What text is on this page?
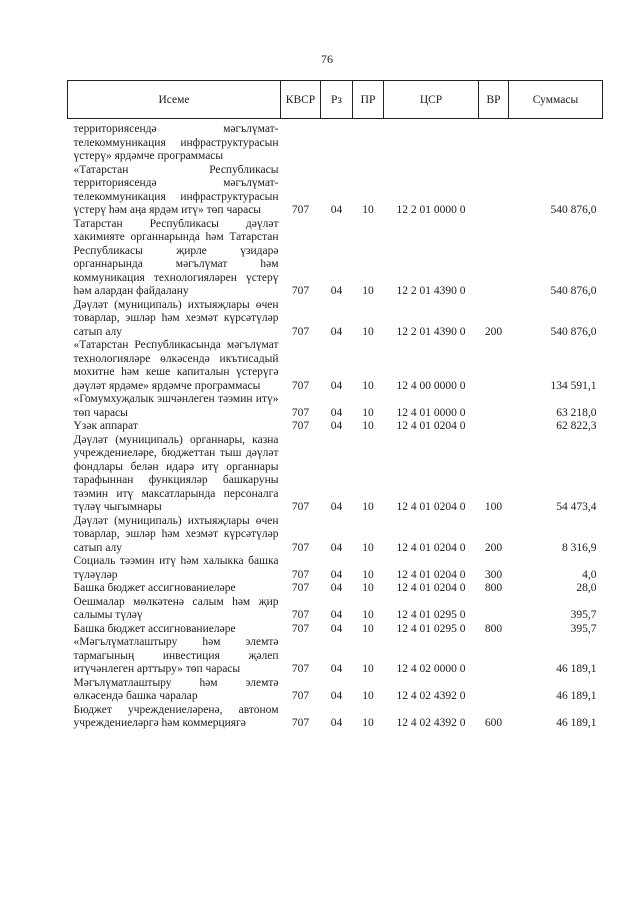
76
Исеме	КВСР	Рз	ПР	ЦСР	ВР	Суммасы
территориясендә мәгълүмат-телекоммуникация инфраструктурасын үстерү» ярдәмче программасы						
«Татарстан Республикасы территориясендә мәгълүмат-телекоммуникация инфраструктурасын үстерү һәм аңа ярдәм итү» төп чарасы	707	04	10	12 2 01 0000 0		540 876,0
Татарстан Республикасы дәүләт хакимияте органнарында һәм Татарстан Республикасы җирле үзидарә органнарында мәгълүмат һәм коммуникация технологияләрен үстерү һәм алардан файдалану	707	04	10	12 2 01 4390 0		540 876,0
Дәүләт (муниципаль) ихтыяҗлары өчен товарлар, эшләр һәм хезмәт күрсәтүләр сатып алу	707	04	10	12 2 01 4390 0	200	540 876,0
«Татарстан Республикасында мәгълүмат технологияләре өлкәсендә икътисадый мохитне һәм кеше капиталын үстерүгә дәүләт ярдәме» ярдәмче программасы	707	04	10	12 4 00 0000 0		134 591,1
«Гомумхуҗалык эшчәнлеген тәэмин итү» төп чарасы	707	04	10	12 4 01 0000 0		63 218,0
Үзәк аппарат	707	04	10	12 4 01 0204 0		62 822,3
Дәүләт (муниципаль) органнары, казна учреждениеләре, бюджеттан тыш дәүләт фондлары белән идарә итү органнары тарафыннан функцияләр башкаруны тәэмин итү максатларында персоналга түләү чыгымнары	707	04	10	12 4 01 0204 0	100	54 473,4
Дәүләт (муниципаль) ихтыяҗлары өчен товарлар, эшләр һәм хезмәт күрсәтүләр сатып алу	707	04	10	12 4 01 0204 0	200	8 316,9
Социаль тәэмин итү һәм халыкка башка түләүләр	707	04	10	12 4 01 0204 0	300	4,0
Башка бюджет ассигнованиеләре	707	04	10	12 4 01 0204 0	800	28,0
Оешмалар мөлкәтенә салым һәм җир салымы түләү	707	04	10	12 4 01 0295 0		395,7
Башка бюджет ассигнованиеләре	707	04	10	12 4 01 0295 0	800	395,7
«Мәгълүматлаштыру һәм элемтә тармагының инвестиция җәлеп итүчәнлеген арттыру» төп чарасы	707	04	10	12 4 02 0000 0		46 189,1
Мәгълүматлаштыру һәм элемтә өлкәсендә башка чаралар	707	04	10	12 4 02 4392 0		46 189,1
Бюджет учреждениеләренә, автоном учреждениеләргә һәм коммерциягә	707	04	10	12 4 02 4392 0	600	46 189,1
